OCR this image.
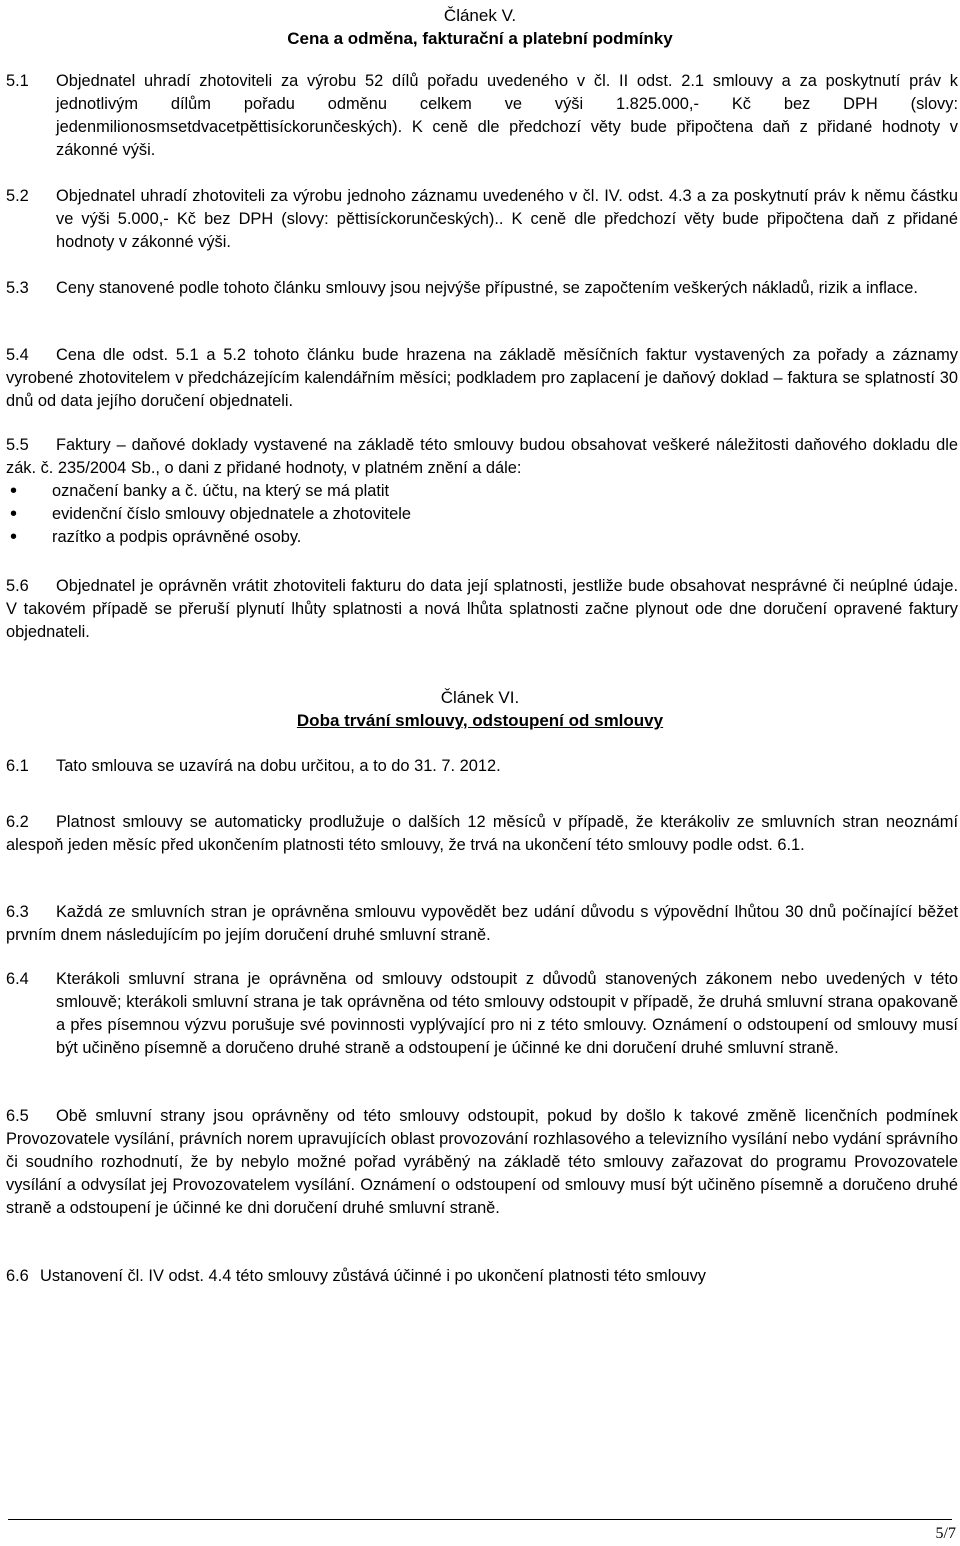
Článek V.
Cena a odměna, fakturační a platební podmínky
5.1 Objednatel uhradí zhotoviteli za výrobu 52 dílů pořadu uvedeného v čl. II odst. 2.1 smlouvy a za poskytnutí práv k jednotlivým dílům pořadu odměnu celkem ve výši 1.825.000,- Kč bez DPH (slovy: jedenmilionosmsetdvacetpěttisíckorunčeských). K ceně dle předchozí věty bude připočtena daň z přidané hodnoty v zákonné výši.
5.2 Objednatel uhradí zhotoviteli za výrobu jednoho záznamu uvedeného v čl. IV. odst. 4.3 a za poskytnutí práv k němu částku ve výši 5.000,- Kč bez DPH (slovy: pěttisíckorunčeských).. K ceně dle předchozí věty bude připočtena daň z přidané hodnoty v zákonné výši.
5.3 Ceny stanovené podle tohoto článku smlouvy jsou nejvýše přípustné, se započtením veškerých nákladů, rizik a inflace.
5.4 Cena dle odst. 5.1 a 5.2 tohoto článku bude hrazena na základě měsíčních faktur vystavených za pořady a záznamy vyrobené zhotovitelem v předcházejícím kalendářním měsíci; podkladem pro zaplacení je daňový doklad – faktura se splatností 30 dnů od data jejího doručení objednateli.
5.5 Faktury – daňové doklady vystavené na základě této smlouvy budou obsahovat veškeré náležitosti daňového dokladu dle zák. č. 235/2004 Sb., o dani z přidané hodnoty, v platném znění a dále:
• označení banky a č. účtu, na který se má platit
• evidenční číslo smlouvy objednatele a zhotovitele
• razítko a podpis oprávněné osoby.
5.6 Objednatel je oprávněn vrátit zhotoviteli fakturu do data její splatnosti, jestliže bude obsahovat nesprávné či neúplné údaje. V takovém případě se přeruší plynutí lhůty splatnosti a nová lhůta splatnosti začne plynout ode dne doručení opravené faktury objednateli.
Článek VI.
Doba trvání smlouvy, odstoupení od smlouvy
6.1 Tato smlouva se uzavírá na dobu určitou, a to do 31. 7. 2012.
6.2 Platnost smlouvy se automaticky prodlužuje o dalších 12 měsíců v případě, že kterákoliv ze smluvních stran neoznámí alespoň jeden měsíc před ukončením platnosti této smlouvy, že trvá na ukončení této smlouvy podle odst. 6.1.
6.3 Každá ze smluvních stran je oprávněna smlouvu vypovědět bez udání důvodu s výpovědní lhůtou 30 dnů počínající běžet prvním dnem následujícím po jejím doručení druhé smluvní straně.
6.4 Kterákoli smluvní strana je oprávněna od smlouvy odstoupit z důvodů stanovených zákonem nebo uvedených v této smlouvě; kterákoli smluvní strana je tak oprávněna od této smlouvy odstoupit v případě, že druhá smluvní strana opakovaně a přes písemnou výzvu porušuje své povinnosti vyplývající pro ni z této smlouvy. Oznámení o odstoupení od smlouvy musí být učiněno písemně a doručeno druhé straně a odstoupení je účinné ke dni doručení druhé smluvní straně.
6.5 Obě smluvní strany jsou oprávněny od této smlouvy odstoupit, pokud by došlo k takové změně licenčních podmínek Provozovatele vysílání, právních norem upravujících oblast provozování rozhlasového a televizního vysílání nebo vydání správního či soudního rozhodnutí, že by nebylo možné pořad vyráběný na základě této smlouvy zařazovat do programu Provozovatele vysílání a odvysílat jej Provozovatelem vysílání. Oznámení o odstoupení od smlouvy musí být učiněno písemně a doručeno druhé straně a odstoupení je účinné ke dni doručení druhé smluvní straně.
6.6 Ustanovení čl. IV odst. 4.4 této smlouvy zůstává účinné i po ukončení platnosti této smlouvy
5/7
